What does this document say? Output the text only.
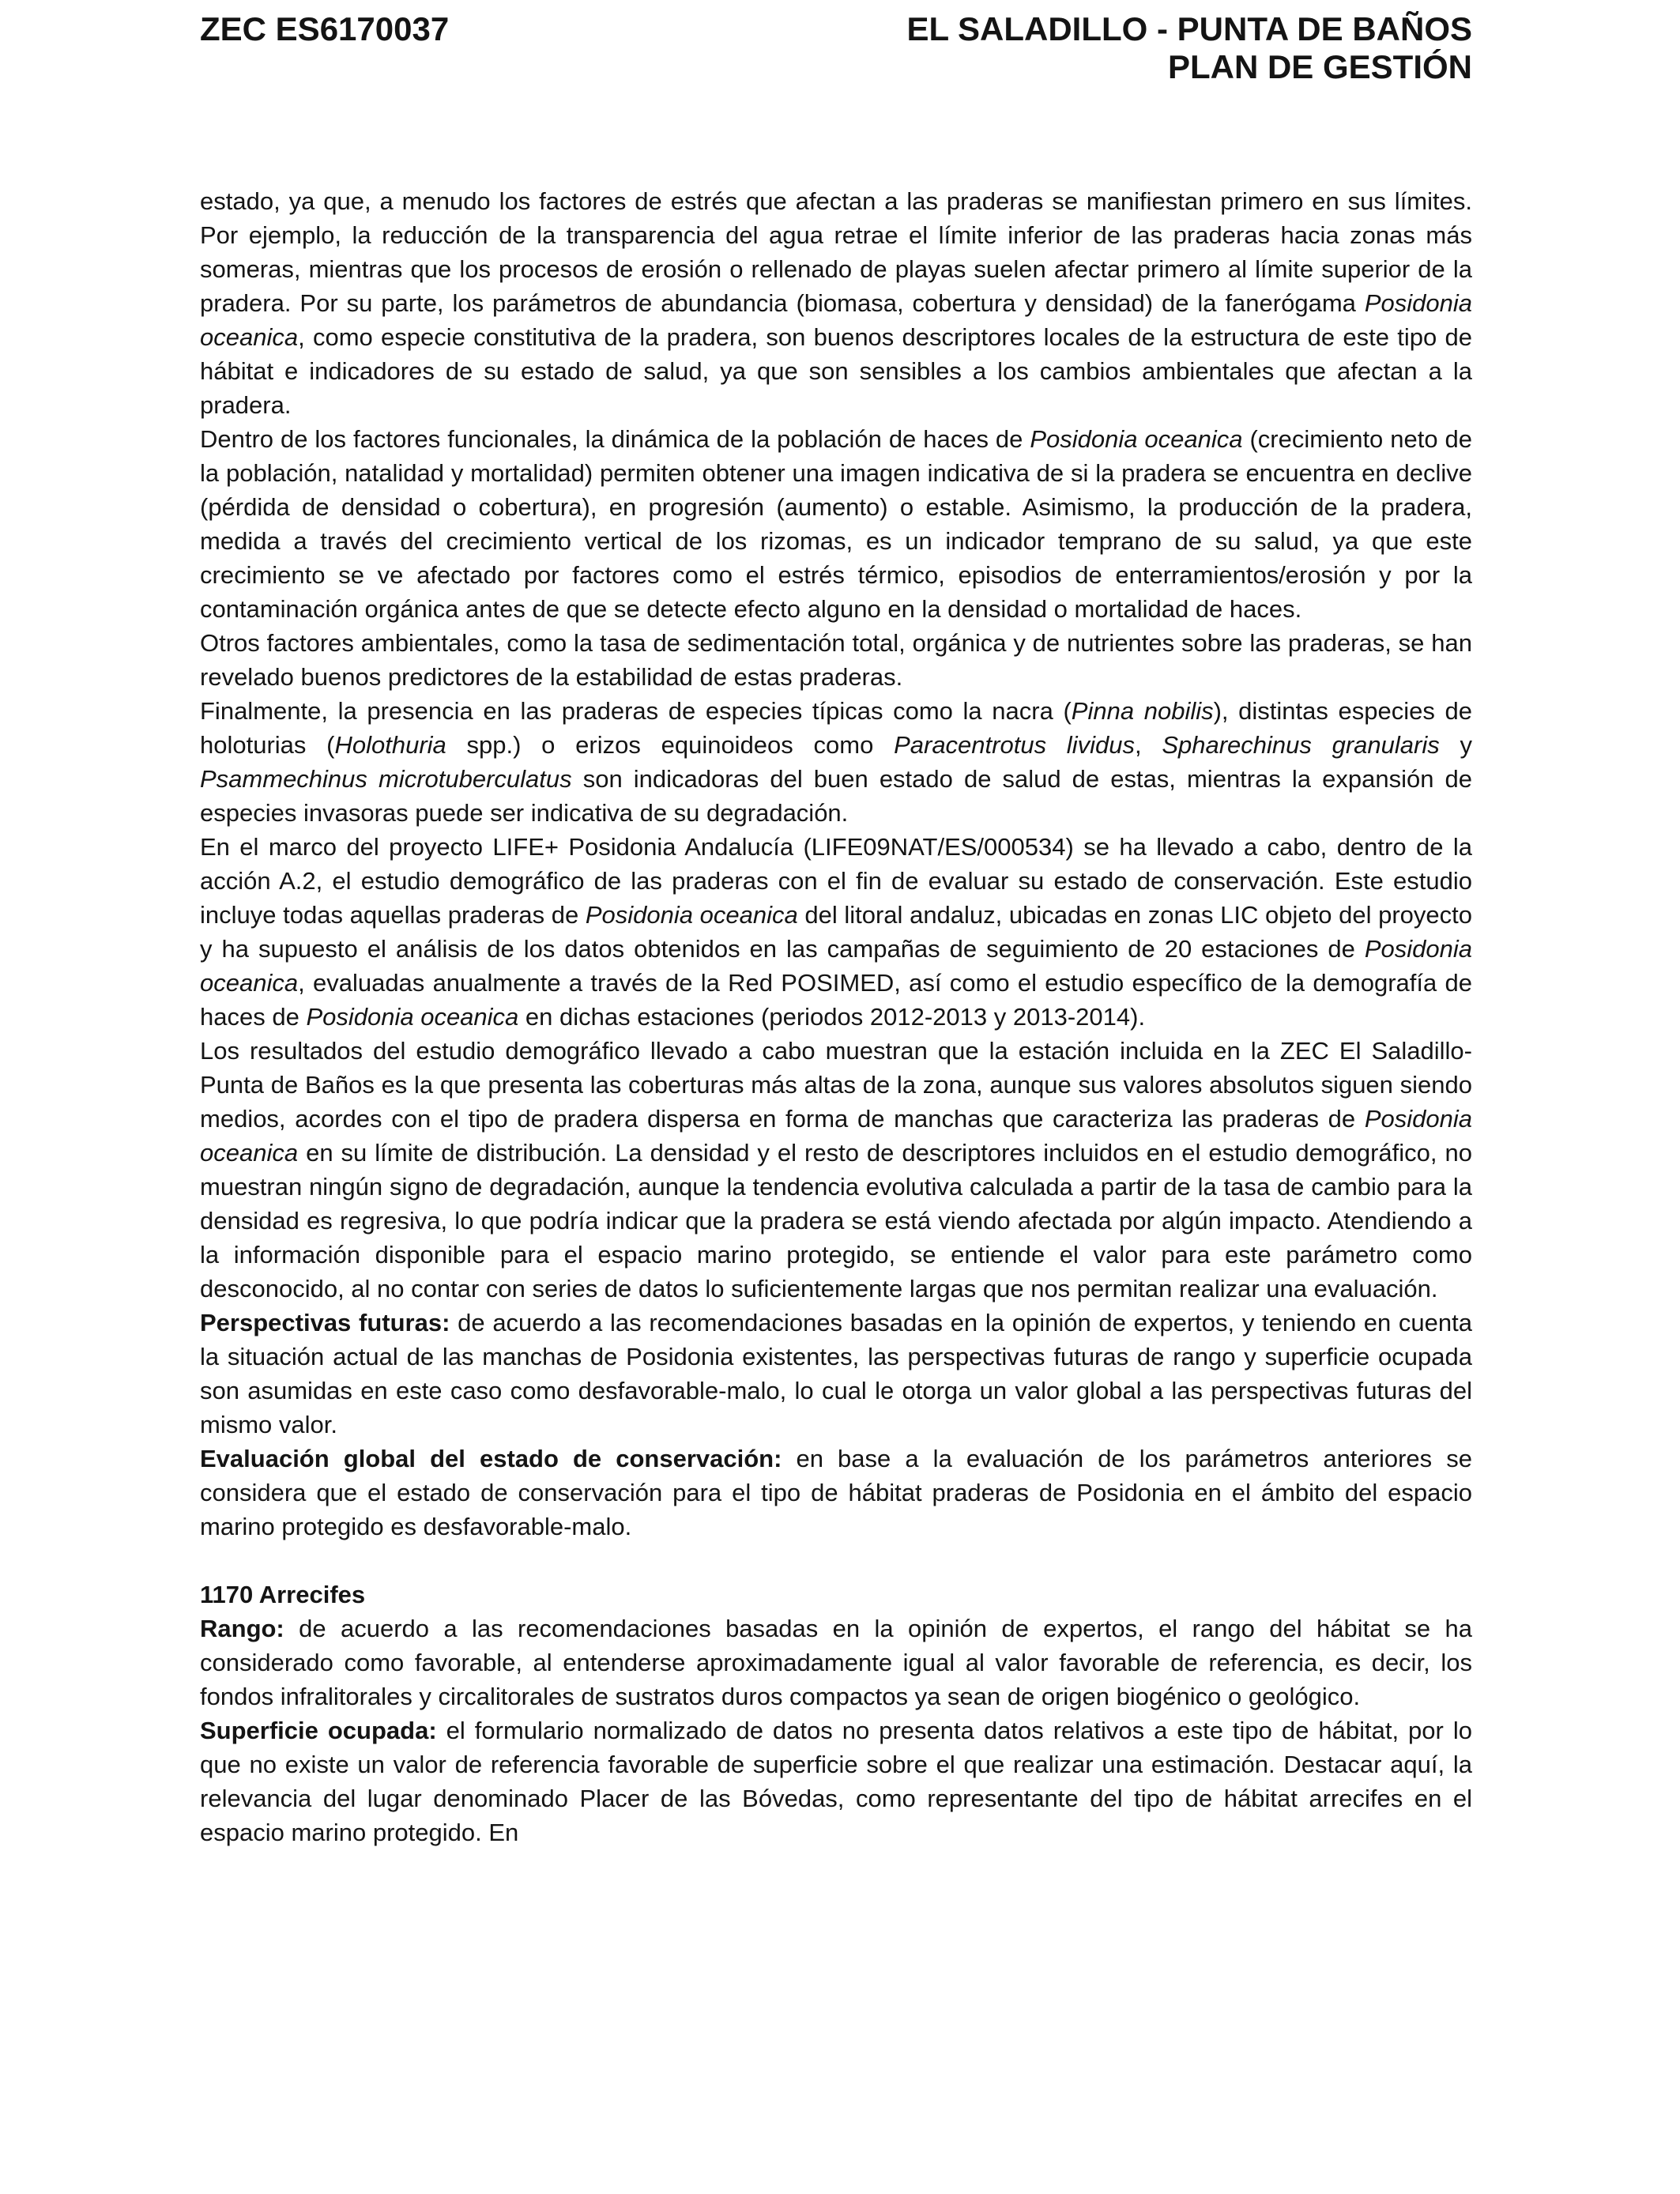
ZEC ES6170037	EL SALADILLO - PUNTA DE BAÑOS
PLAN DE GESTIÓN

estado, ya que, a menudo los factores de estrés que afectan a las praderas se manifiestan primero en sus límites. Por ejemplo, la reducción de la transparencia del agua retrae el límite inferior de las praderas hacia zonas más someras, mientras que los procesos de erosión o rellenado de playas suelen afectar primero al límite superior de la pradera. Por su parte, los parámetros de abundancia (biomasa, cobertura y densidad) de la fanerógama Posidonia oceanica, como especie constitutiva de la pradera, son buenos descriptores locales de la estructura de este tipo de hábitat e indicadores de su estado de salud, ya que son sensibles a los cambios ambientales que afectan a la pradera.

Dentro de los factores funcionales, la dinámica de la población de haces de Posidonia oceanica (crecimiento neto de la población, natalidad y mortalidad) permiten obtener una imagen indicativa de si la pradera se encuentra en declive (pérdida de densidad o cobertura), en progresión (aumento) o estable. Asimismo, la producción de la pradera, medida a través del crecimiento vertical de los rizomas, es un indicador temprano de su salud, ya que este crecimiento se ve afectado por factores como el estrés térmico, episodios de enterramientos/erosión y por la contaminación orgánica antes de que se detecte efecto alguno en la densidad o mortalidad de haces.

Otros factores ambientales, como la tasa de sedimentación total, orgánica y de nutrientes sobre las praderas, se han revelado buenos predictores de la estabilidad de estas praderas.

Finalmente, la presencia en las praderas de especies típicas como la nacra (Pinna nobilis), distintas especies de holoturias (Holothuria spp.) o erizos equinoideos como Paracentrotus lividus, Spharechinus granularis y Psammechinus microtuberculatus son indicadoras del buen estado de salud de estas, mientras la expansión de especies invasoras puede ser indicativa de su degradación.

En el marco del proyecto LIFE+ Posidonia Andalucía (LIFE09NAT/ES/000534) se ha llevado a cabo, dentro de la acción A.2, el estudio demográfico de las praderas con el fin de evaluar su estado de conservación. Este estudio incluye todas aquellas praderas de Posidonia oceanica del litoral andaluz, ubicadas en zonas LIC objeto del proyecto y ha supuesto el análisis de los datos obtenidos en las campañas de seguimiento de 20 estaciones de Posidonia oceanica, evaluadas anualmente a través de la Red POSIMED, así como el estudio específico de la demografía de haces de Posidonia oceanica en dichas estaciones (periodos 2012-2013 y 2013-2014).

Los resultados del estudio demográfico llevado a cabo muestran que la estación incluida en la ZEC El Saladillo-Punta de Baños es la que presenta las coberturas más altas de la zona, aunque sus valores absolutos siguen siendo medios, acordes con el tipo de pradera dispersa en forma de manchas que caracteriza las praderas de Posidonia oceanica en su límite de distribución. La densidad y el resto de descriptores incluidos en el estudio demográfico, no muestran ningún signo de degradación, aunque la tendencia evolutiva calculada a partir de la tasa de cambio para la densidad es regresiva, lo que podría indicar que la pradera se está viendo afectada por algún impacto. Atendiendo a la información disponible para el espacio marino protegido, se entiende el valor para este parámetro como desconocido, al no contar con series de datos lo suficientemente largas que nos permitan realizar una evaluación.

Perspectivas futuras: de acuerdo a las recomendaciones basadas en la opinión de expertos, y teniendo en cuenta la situación actual de las manchas de Posidonia existentes, las perspectivas futuras de rango y superficie ocupada son asumidas en este caso como desfavorable-malo, lo cual le otorga un valor global a las perspectivas futuras del mismo valor.

Evaluación global del estado de conservación: en base a la evaluación de los parámetros anteriores se considera que el estado de conservación para el tipo de hábitat praderas de Posidonia en el ámbito del espacio marino protegido es desfavorable-malo.

1170 Arrecifes

Rango: de acuerdo a las recomendaciones basadas en la opinión de expertos, el rango del hábitat se ha considerado como favorable, al entenderse aproximadamente igual al valor favorable de referencia, es decir, los fondos infralitorales y circalitorales de sustratos duros compactos ya sean de origen biogénico o geológico.

Superficie ocupada: el formulario normalizado de datos no presenta datos relativos a este tipo de hábitat, por lo que no existe un valor de referencia favorable de superficie sobre el que realizar una estimación. Destacar aquí, la relevancia del lugar denominado Placer de las Bóvedas, como representante del tipo de hábitat arrecifes en el espacio marino protegido. En
